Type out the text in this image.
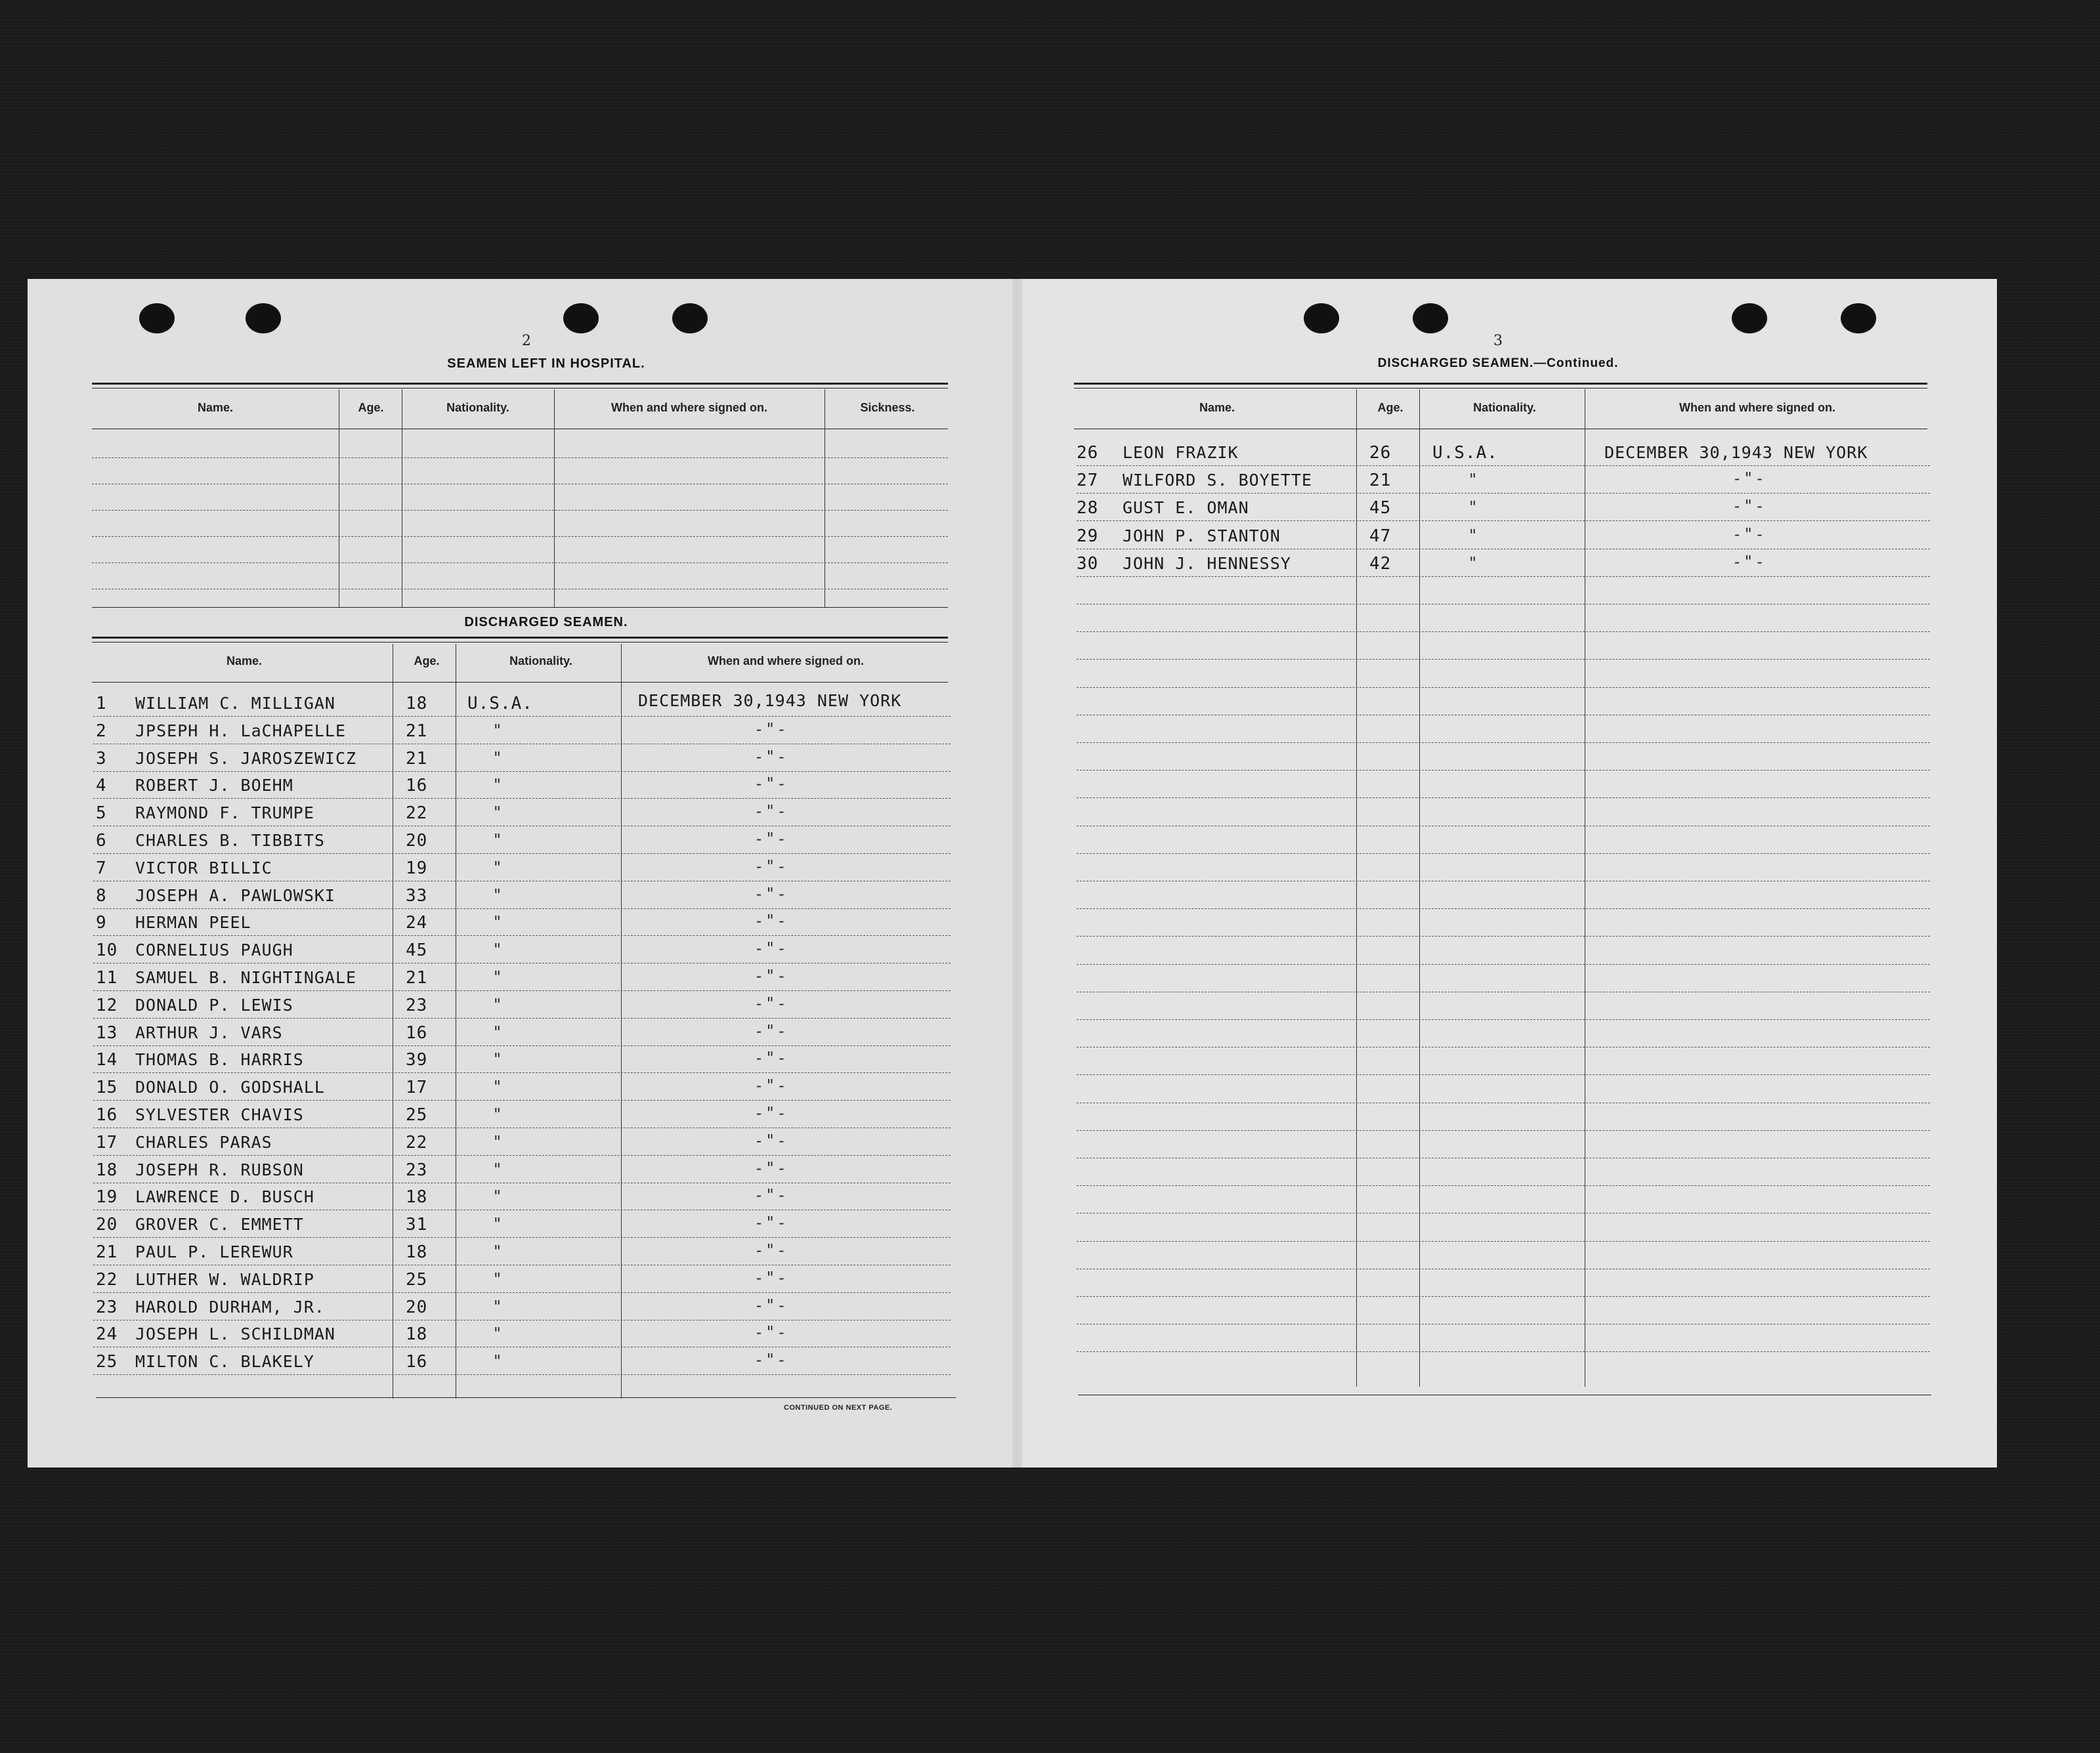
2
SEAMEN LEFT IN HOSPITAL.
Name.	Age.	Nationality.	When and where signed on.	Sickness.
DISCHARGED SEAMEN.
Name.	Age.	Nationality.	When and where signed on.
1 WILLIAM C. MILLIGAN	18 U.S.A.	DECEMBER 30,1943 NEW YORK
2 JPSEPH H. LaCHAPELLE	21	"	- " -
3 JOSEPH S. JAROSZEWICZ	21	"	- " -
4 ROBERT J. BOEHM	16	"	- " -
5 RAYMOND F. TRUMPE	22	"	- " -
6 CHARLES B. TIBBITS	20	"	- " -
7 VICTOR BILLIC	19	"	- " -
8 JOSEPH A. PAWLOWSKI	33	"	- " -
9 HERMAN PEEL	24	"	- " -
10 CORNELIUS PAUGH	45	"	- " -
11 SAMUEL B. NIGHTINGALE	21	"	- " -
12 DONALD P. LEWIS	23	"	- " -
13 ARTHUR J. VARS	16	"	- " -
14 THOMAS B. HARRIS	39	"	- " -
15 DONALD O. GODSHALL	17	"	- " -
16 SYLVESTER CHAVIS	25	"	- " -
17 CHARLES PARAS	22	"	- " -
18 JOSEPH R. RUBSON	23	"	- " -
19 LAWRENCE D. BUSCH	18	"	- " -
20 GROVER C. EMMETT	31	"	- " -
21 PAUL P. LEREWUR	18	"	- " -
22 LUTHER W. WALDRIP	25	"	- " -
23 HAROLD DURHAM, JR.	20	"	- " -
24 JOSEPH L. SCHILDMAN	18	"	- " -
25 MILTON C. BLAKELY	16	"	- " -
CONTINUED ON NEXT PAGE.
3
DISCHARGED SEAMEN.—Continued.
Name.	Age.	Nationality.	When and where signed on.
26 LEON FRAZIK	26 U.S.A.	DECEMBER 30,1943 NEW YORK
27 WILFORD S. BOYETTE	21	"	- " -
28 GUST E. OMAN	45	"	- " -
29 JOHN P. STANTON	47	"	- " -
30 JOHN J. HENNESSY	42	"	- " -
